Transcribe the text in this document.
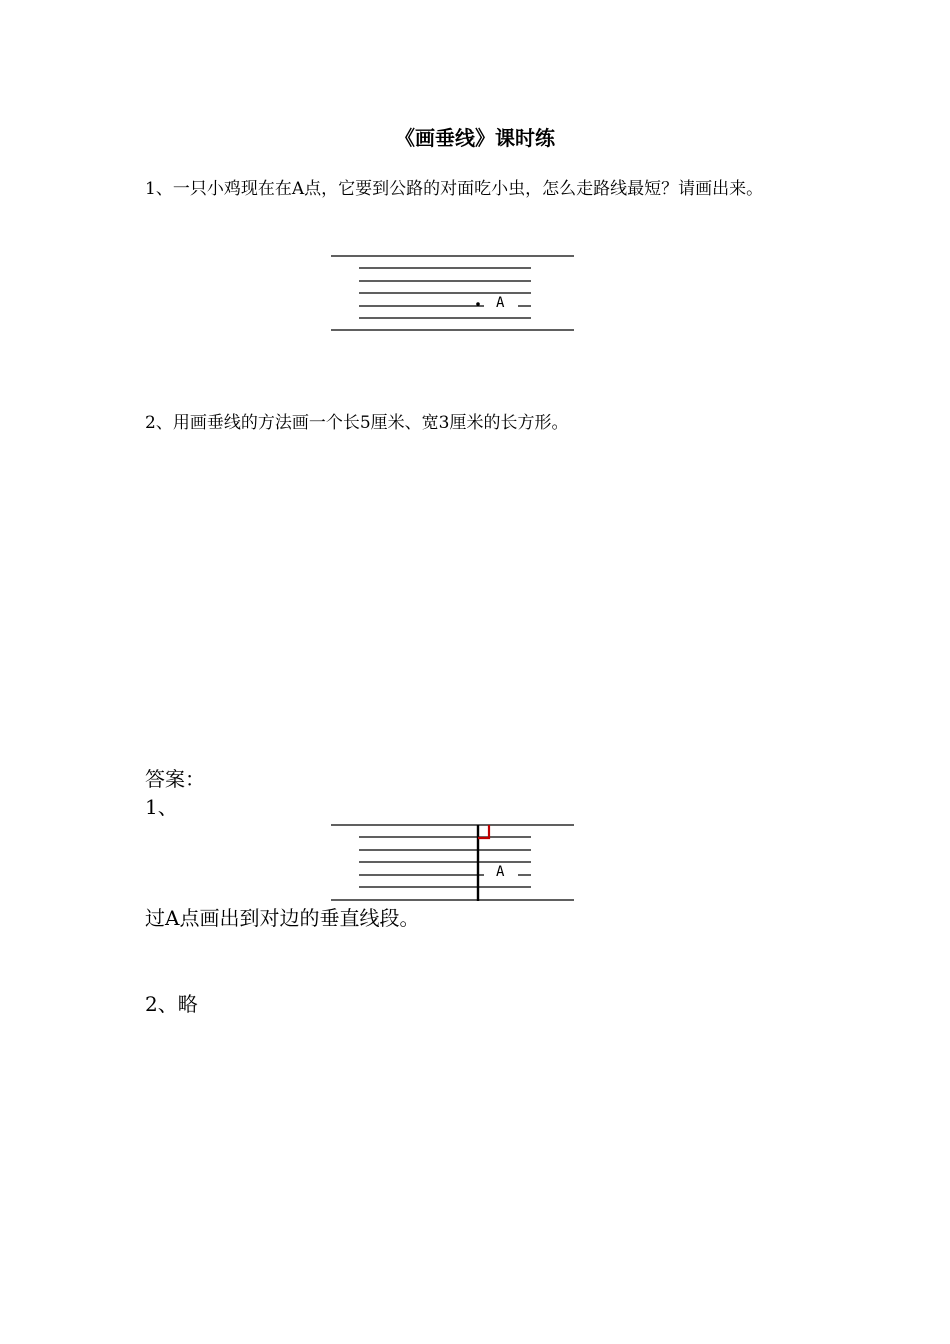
《画垂线》课时练
1、一只小鸡现在在A点，它要到公路的对面吃小虫，怎么走路线最短？请画出来。
A
2、用画垂线的方法画一个长5厘米、宽3厘米的长方形。
答案：
1、
A
过A点画出到对边的垂直线段。
2、略
